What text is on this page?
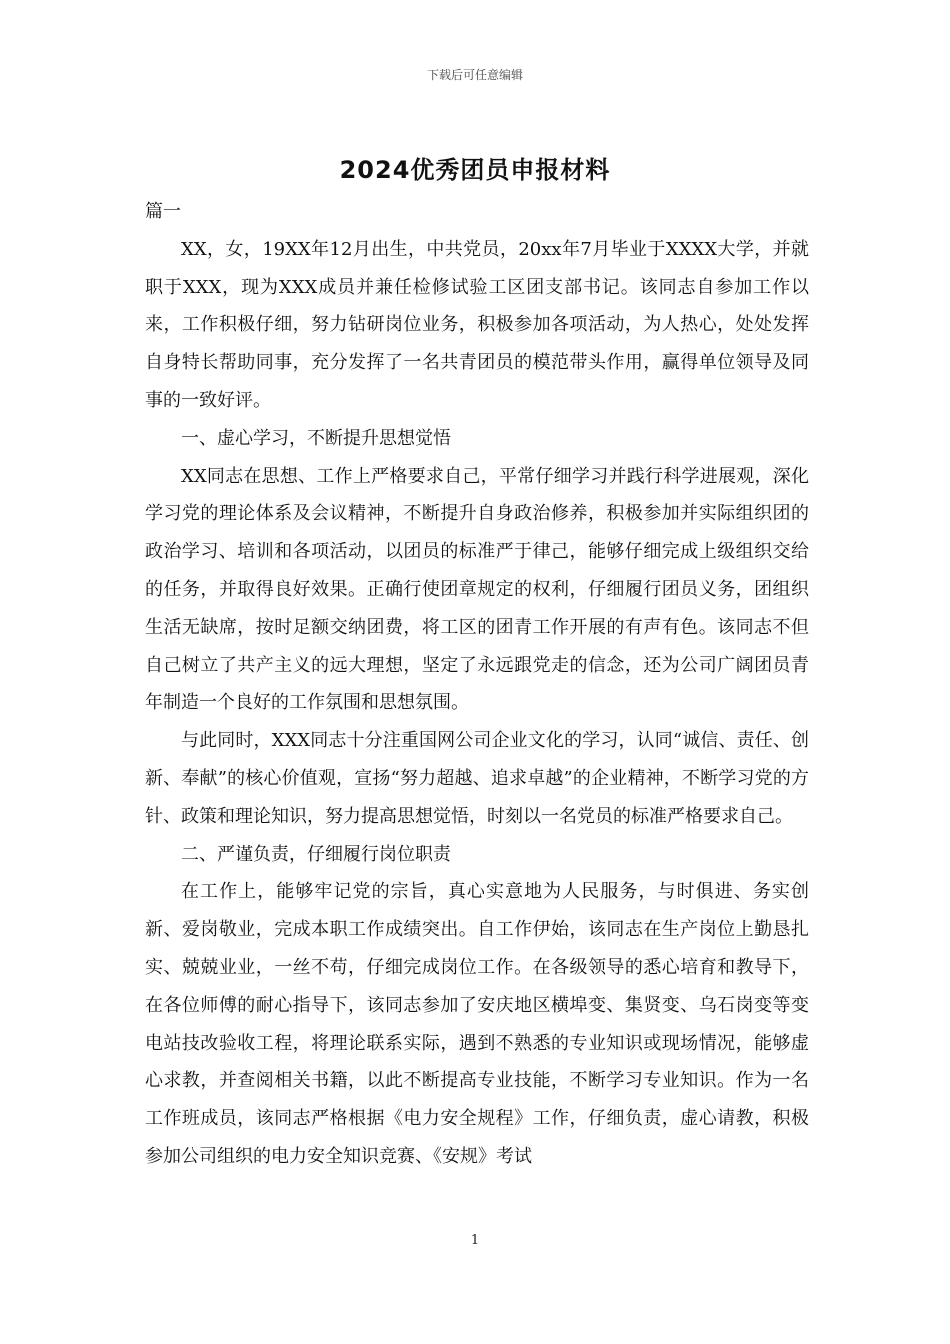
下载后可任意编辑
2024优秀团员申报材料

篇一

XX，女，19XX年12月出生，中共党员，20xx年7月毕业于XXXX大学，并就职于XXX，现为XXX成员并兼任检修试验工区团支部书记。该同志自参加工作以来，工作积极仔细，努力钻研岗位业务，积极参加各项活动，为人热心，处处发挥自身特长帮助同事，充分发挥了一名共青团员的模范带头作用，赢得单位领导及同事的一致好评。

一、虚心学习，不断提升思想觉悟

XX同志在思想、工作上严格要求自己，平常仔细学习并践行科学进展观，深化学习党的理论体系及会议精神，不断提升自身政治修养，积极参加并实际组织团的政治学习、培训和各项活动，以团员的标准严于律己，能够仔细完成上级组织交给的任务，并取得良好效果。正确行使团章规定的权利，仔细履行团员义务，团组织生活无缺席，按时足额交纳团费，将工区的团青工作开展的有声有色。该同志不但自己树立了共产主义的远大理想，坚定了永远跟党走的信念，还为公司广阔团员青年制造一个良好的工作氛围和思想氛围。

与此同时，XXX同志十分注重国网公司企业文化的学习，认同“诚信、责任、创新、奉献”的核心价值观，宣扬“努力超越、追求卓越”的企业精神，不断学习党的方针、政策和理论知识，努力提高思想觉悟，时刻以一名党员的标准严格要求自己。

二、严谨负责，仔细履行岗位职责

在工作上，能够牢记党的宗旨，真心实意地为人民服务，与时俱进、务实创新、爱岗敬业，完成本职工作成绩突出。自工作伊始，该同志在生产岗位上勤恳扎实、兢兢业业，一丝不苟，仔细完成岗位工作。在各级领导的悉心培育和教导下，在各位师傅的耐心指导下，该同志参加了安庆地区横埠变、集贤变、乌石岗变等变电站技改验收工程，将理论联系实际，遇到不熟悉的专业知识或现场情况，能够虚心求教，并查阅相关书籍，以此不断提高专业技能，不断学习专业知识。作为一名工作班成员，该同志严格根据《电力安全规程》工作，仔细负责，虚心请教，积极参加公司组织的电力安全知识竞赛、《安规》考试

1
